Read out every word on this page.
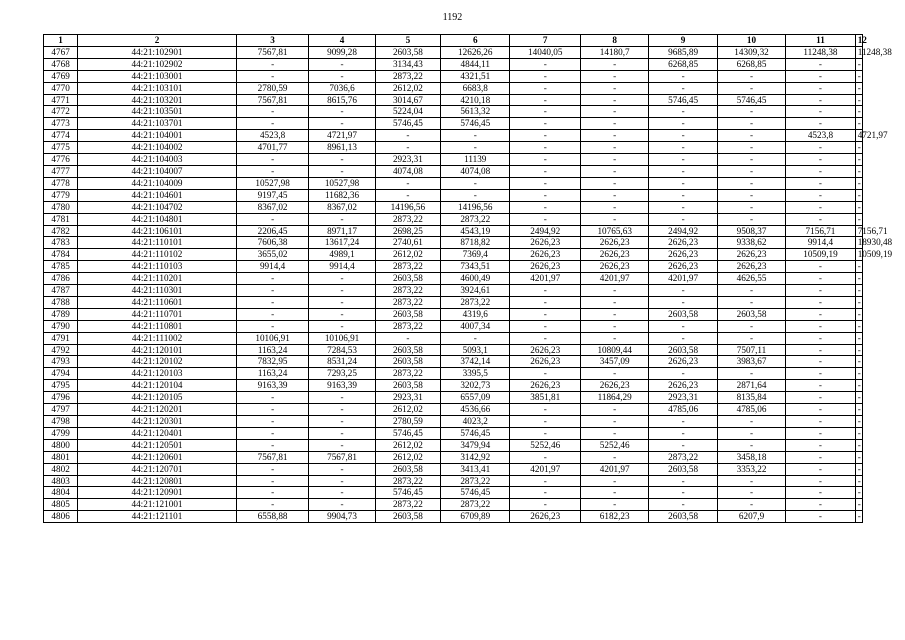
1192
1	2	3	4	5	6	7	8	9	10	11	12
4767	44:21:102901	7567,81	9099,28	2603,58	12626,26	14040,05	14180,7	9685,89	14309,32	11248,38	11248,38
4768	44:21:102902	-	-	3134,43	4844,11	-	-	6268,85	6268,85	-	-
4769	44:21:103001	-	-	2873,22	4321,51	-	-	-	-	-	-
4770	44:21:103101	2780,59	7036,6	2612,02	6683,8	-	-	-	-	-	-
4771	44:21:103201	7567,81	8615,76	3014,67	4210,18	-	-	5746,45	5746,45	-	-
4772	44:21:103501	-	-	5224,04	5613,32	-	-	-	-	-	-
4773	44:21:103701	-	-	5746,45	5746,45	-	-	-	-	-	-
4774	44:21:104001	4523,8	4721,97	-	-	-	-	-	-	4523,8	4721,97
4775	44:21:104002	4701,77	8961,13	-	-	-	-	-	-	-	-
4776	44:21:104003	-	-	2923,31	11139	-	-	-	-	-	-
4777	44:21:104007	-	-	4074,08	4074,08	-	-	-	-	-	-
4778	44:21:104009	10527,98	10527,98	-	-	-	-	-	-	-	-
4779	44:21:104601	9197,45	11682,36	-	-	-	-	-	-	-	-
4780	44:21:104702	8367,02	8367,02	14196,56	14196,56	-	-	-	-	-	-
4781	44:21:104801	-	-	2873,22	2873,22	-	-	-	-	-	-
4782	44:21:106101	2206,45	8971,17	2698,25	4543,19	2494,92	10765,63	2494,92	9508,37	7156,71	7156,71
4783	44:21:110101	7606,38	13617,24	2740,61	8718,82	2626,23	2626,23	2626,23	9338,62	9914,4	18930,48
4784	44:21:110102	3655,02	4989,1	2612,02	7369,4	2626,23	2626,23	2626,23	2626,23	10509,19	10509,19
4785	44:21:110103	9914,4	9914,4	2873,22	7343,51	2626,23	2626,23	2626,23	2626,23	-	-
4786	44:21:110201	-	-	2603,58	4600,49	4201,97	4201,97	4201,97	4626,55	-	-
4787	44:21:110301	-	-	2873,22	3924,61	-	-	-	-	-	-
4788	44:21:110601	-	-	2873,22	2873,22	-	-	-	-	-	-
4789	44:21:110701	-	-	2603,58	4319,6	-	-	2603,58	2603,58	-	-
4790	44:21:110801	-	-	2873,22	4007,34	-	-	-	-	-	-
4791	44:21:111002	10106,91	10106,91	-	-	-	-	-	-	-	-
4792	44:21:120101	1163,24	7284,53	2603,58	5093,1	2626,23	10809,44	2603,58	7507,11	-	-
4793	44:21:120102	7832,95	8531,24	2603,58	3742,14	2626,23	3457,09	2626,23	3983,67	-	-
4794	44:21:120103	1163,24	7293,25	2873,22	3395,5	-	-	-	-	-	-
4795	44:21:120104	9163,39	9163,39	2603,58	3202,73	2626,23	2626,23	2626,23	2871,64	-	-
4796	44:21:120105	-	-	2923,31	6557,09	3851,81	11864,29	2923,31	8135,84	-	-
4797	44:21:120201	-	-	2612,02	4536,66	-	-	4785,06	4785,06	-	-
4798	44:21:120301	-	-	2780,59	4023,2	-	-	-	-	-	-
4799	44:21:120401	-	-	5746,45	5746,45	-	-	-	-	-	-
4800	44:21:120501	-	-	2612,02	3479,94	5252,46	5252,46	-	-	-	-
4801	44:21:120601	7567,81	7567,81	2612,02	3142,92	-	-	2873,22	3458,18	-	-
4802	44:21:120701	-	-	2603,58	3413,41	4201,97	4201,97	2603,58	3353,22	-	-
4803	44:21:120801	-	-	2873,22	2873,22	-	-	-	-	-	-
4804	44:21:120901	-	-	5746,45	5746,45	-	-	-	-	-	-
4805	44:21:121001	-	-	2873,22	2873,22	-	-	-	-	-	-
4806	44:21:121101	6558,88	9904,73	2603,58	6709,89	2626,23	6182,23	2603,58	6207,9	-	-
